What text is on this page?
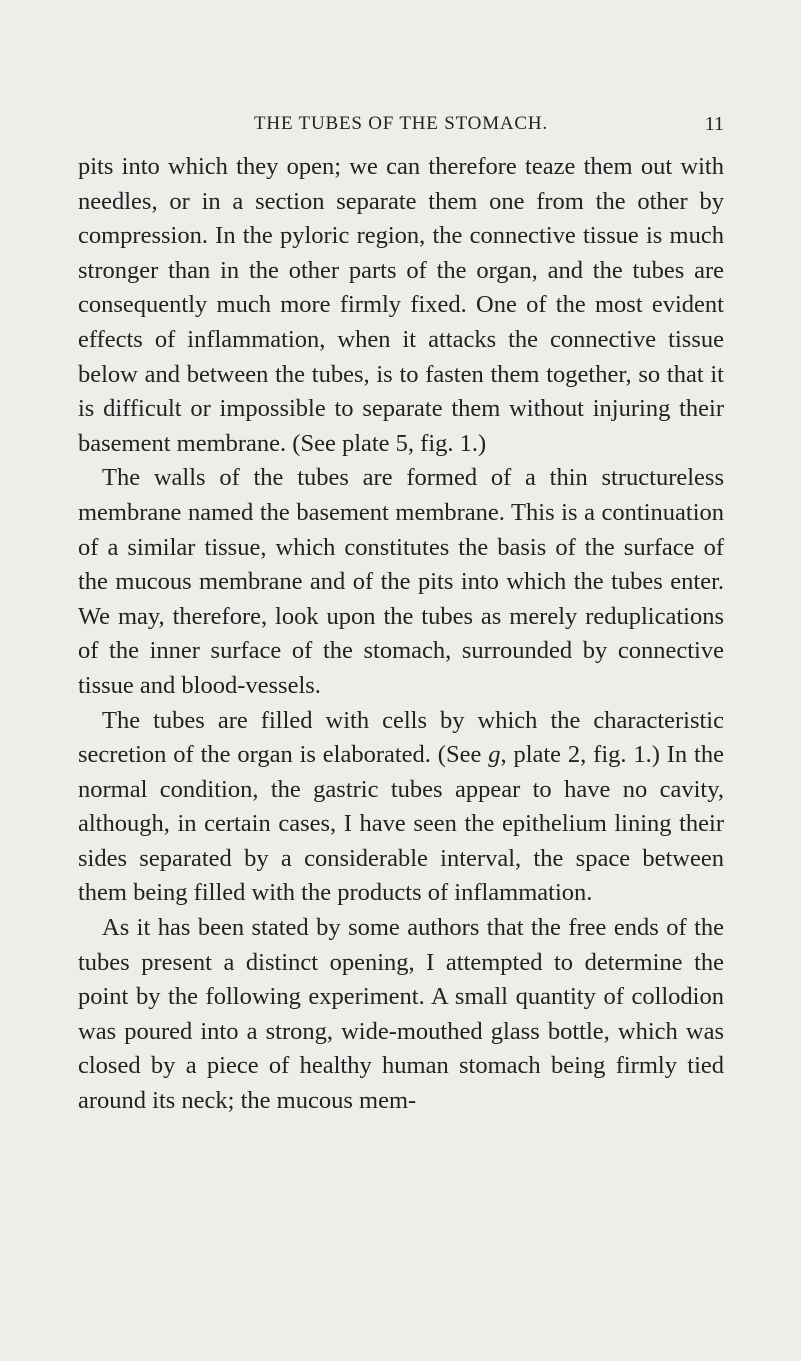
THE TUBES OF THE STOMACH.	11

pits into which they open; we can therefore teaze them out with needles, or in a section separate them one from the other by compression. In the pyloric region, the connective tissue is much stronger than in the other parts of the organ, and the tubes are consequently much more firmly fixed. One of the most evident effects of inflammation, when it attacks the connective tissue below and between the tubes, is to fasten them together, so that it is difficult or impossible to separate them without injuring their basement membrane. (See plate 5, fig. 1.)

The walls of the tubes are formed of a thin structureless membrane named the basement membrane. This is a continuation of a similar tissue, which constitutes the basis of the surface of the mucous membrane and of the pits into which the tubes enter. We may, therefore, look upon the tubes as merely reduplications of the inner surface of the stomach, surrounded by connective tissue and blood-vessels.

The tubes are filled with cells by which the characteristic secretion of the organ is elaborated. (See g, plate 2, fig. 1.) In the normal condition, the gastric tubes appear to have no cavity, although, in certain cases, I have seen the epithelium lining their sides separated by a considerable interval, the space between them being filled with the products of inflammation.

As it has been stated by some authors that the free ends of the tubes present a distinct opening, I attempted to determine the point by the following experiment. A small quantity of collodion was poured into a strong, wide-mouthed glass bottle, which was closed by a piece of healthy human stomach being firmly tied around its neck; the mucous mem-
